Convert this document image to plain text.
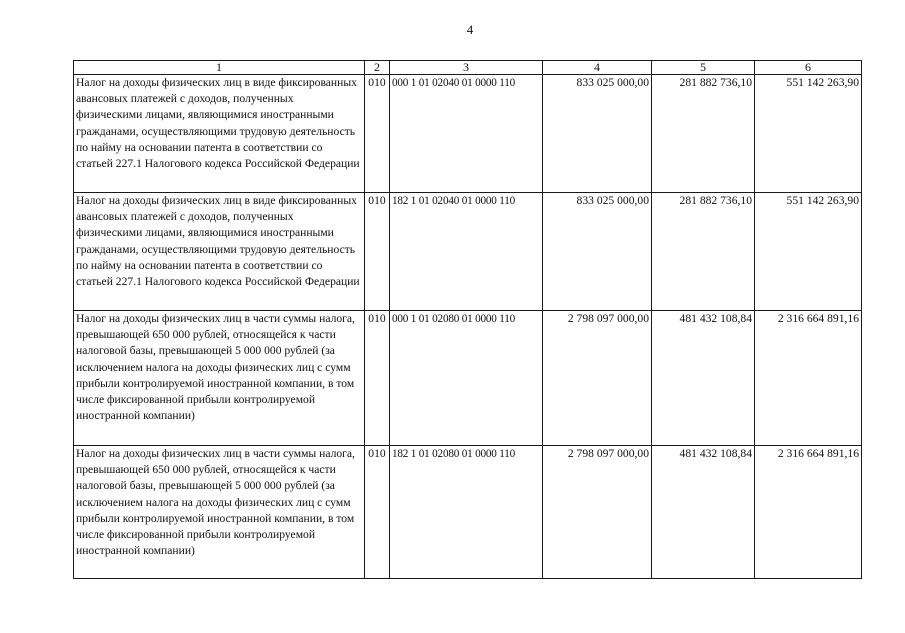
4
1	2	3	4	5	6
Налог на доходы физических лиц в виде фиксированных авансовых платежей с доходов, полученных физическими лицами, являющимися иностранными гражданами, осуществляющими трудовую деятельность по найму на основании патента в соответствии со статьей 227.1 Налогового кодекса Российской Федерации	010	000 1 01 02040 01 0000 110	833 025 000,00	281 882 736,10	551 142 263,90
Налог на доходы физических лиц в виде фиксированных авансовых платежей с доходов, полученных физическими лицами, являющимися иностранными гражданами, осуществляющими трудовую деятельность по найму на основании патента в соответствии со статьей 227.1 Налогового кодекса Российской Федерации	010	182 1 01 02040 01 0000 110	833 025 000,00	281 882 736,10	551 142 263,90
Налог на доходы физических лиц в части суммы налога, превышающей 650 000 рублей, относящейся к части налоговой базы, превышающей 5 000 000 рублей (за исключением налога на доходы физических лиц с сумм прибыли контролируемой иностранной компании, в том числе фиксированной прибыли контролируемой иностранной компании)	010	000 1 01 02080 01 0000 110	2 798 097 000,00	481 432 108,84	2 316 664 891,16
Налог на доходы физических лиц в части суммы налога, превышающей 650 000 рублей, относящейся к части налоговой базы, превышающей 5 000 000 рублей (за исключением налога на доходы физических лиц с сумм прибыли контролируемой иностранной компании, в том числе фиксированной прибыли контролируемой иностранной компании)	010	182 1 01 02080 01 0000 110	2 798 097 000,00	481 432 108,84	2 316 664 891,16
